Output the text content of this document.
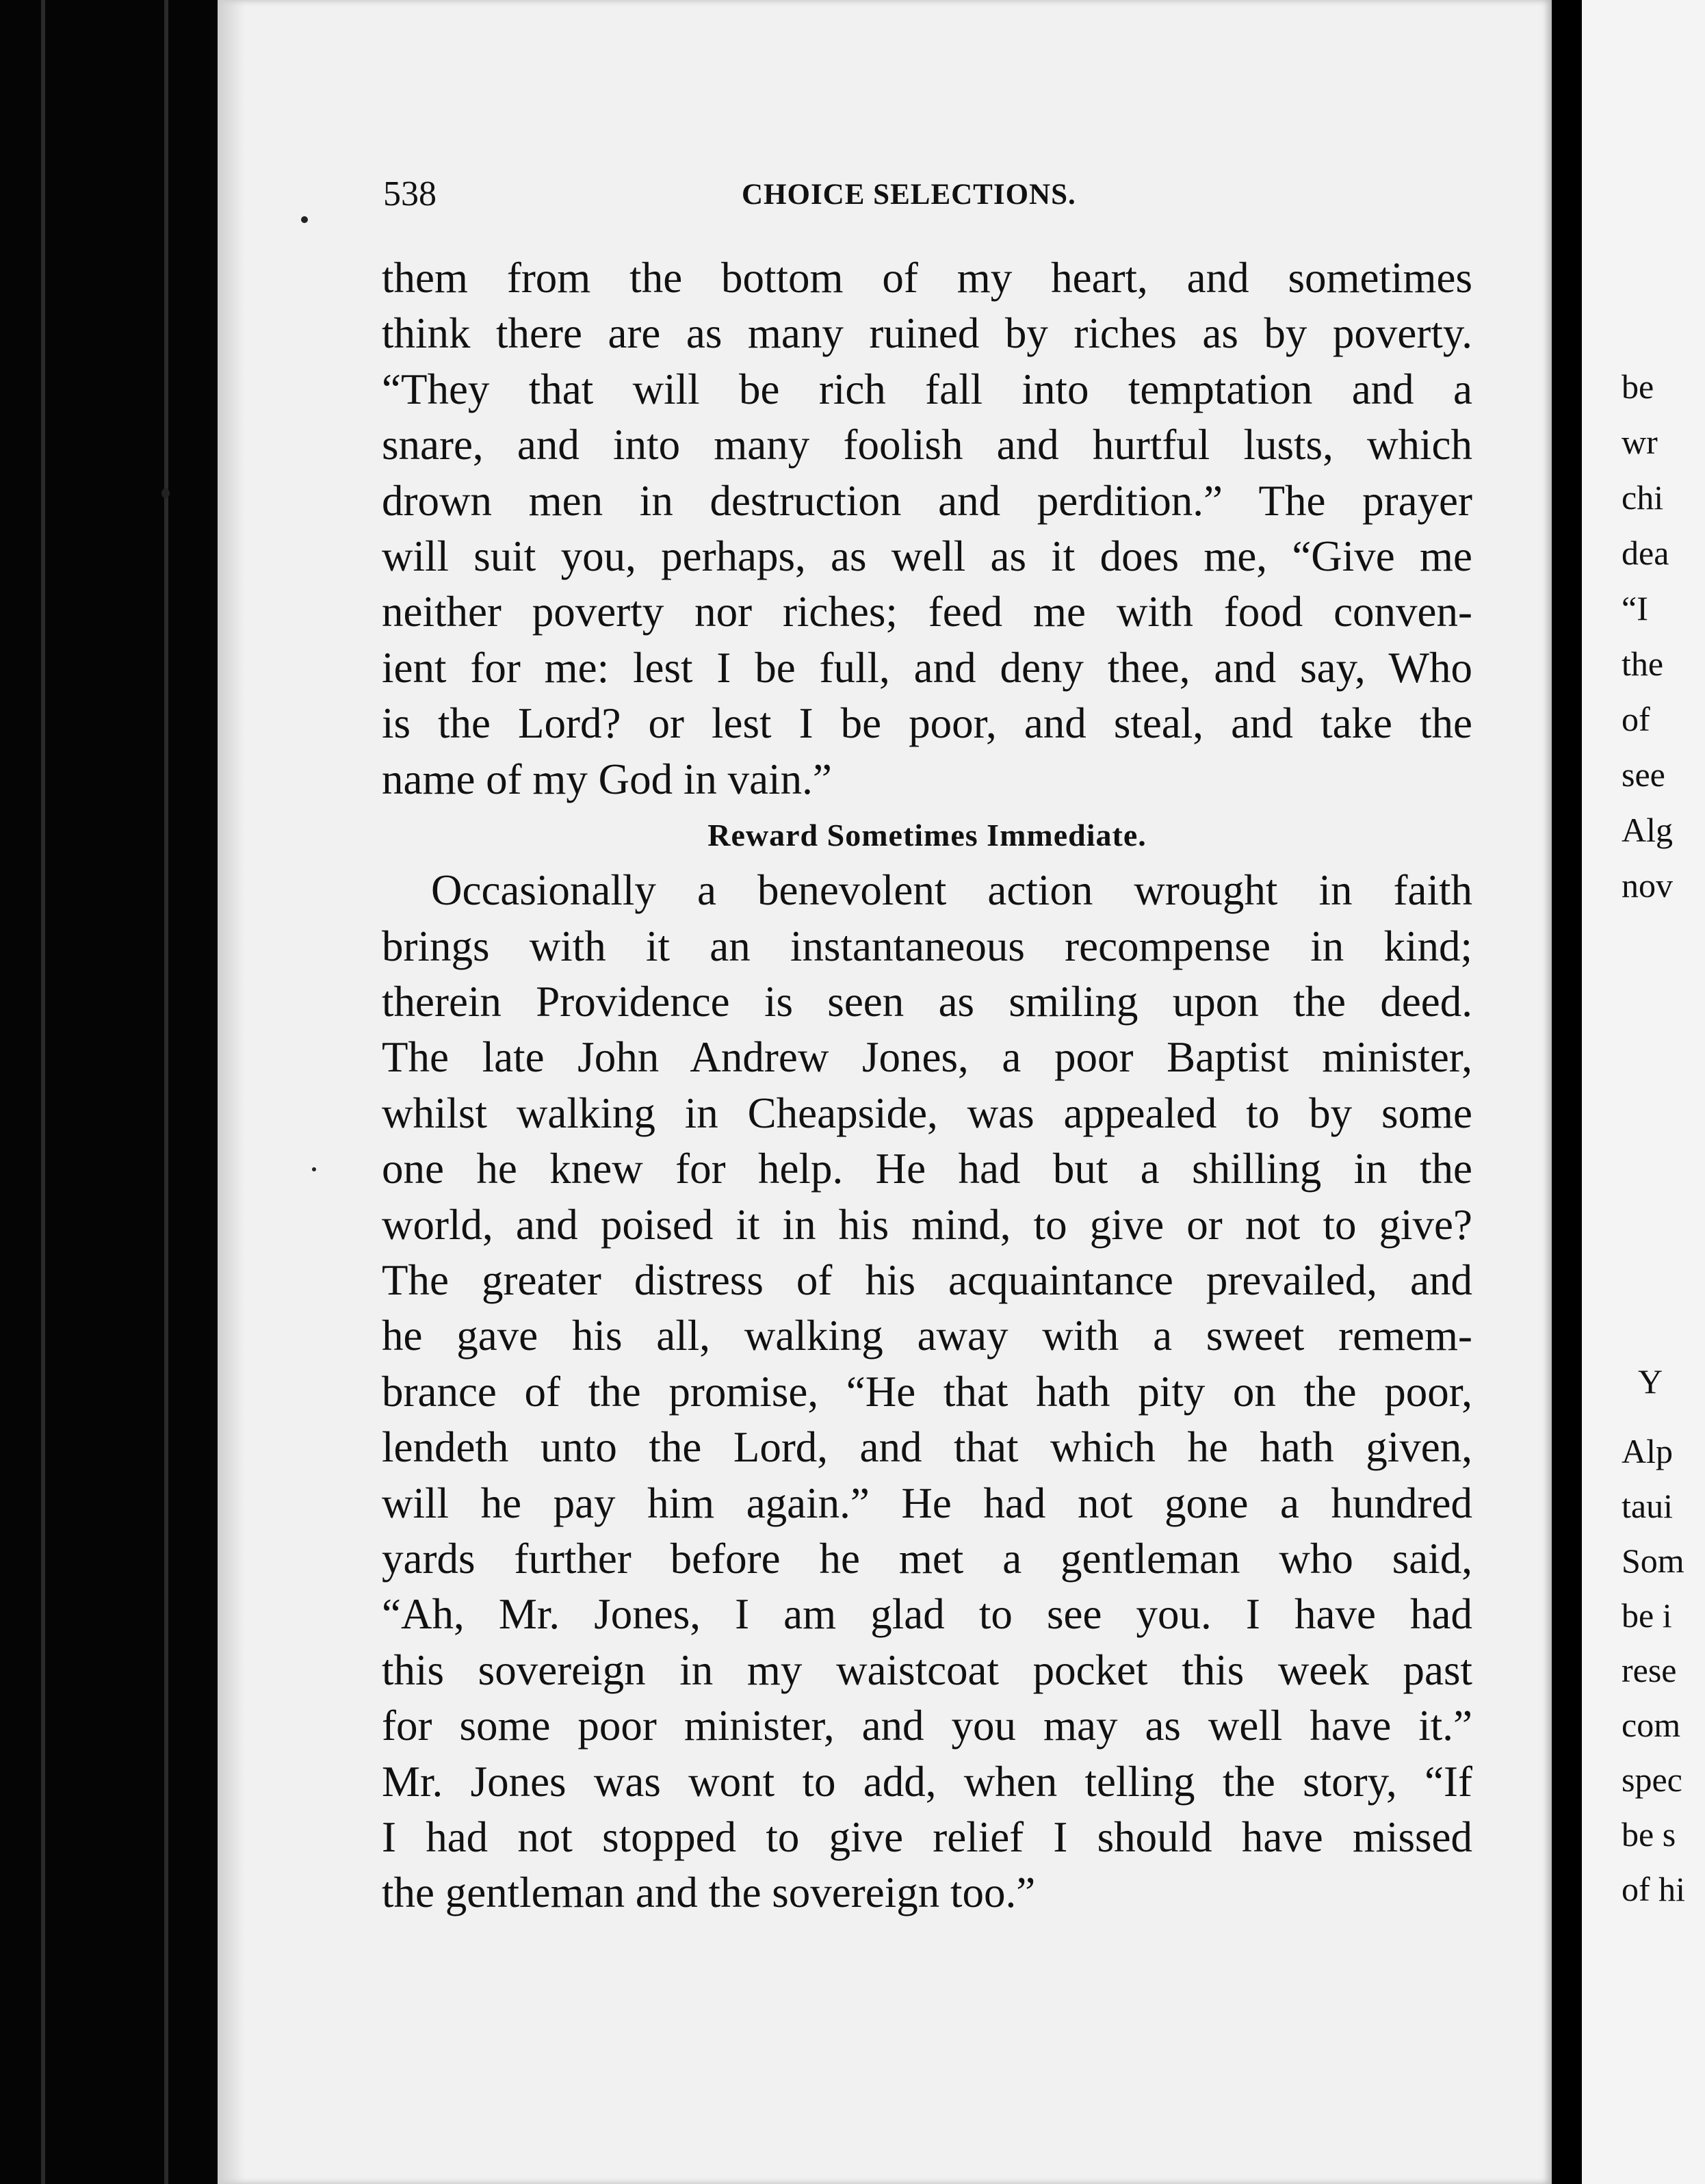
be
wr
chi
dea
“I
the
of
see
Alg
nov
Y
Alp
taui
Som
be i
rese
com
spec
be s
of hi
538	CHOICE SELECTIONS.
them from the bottom of my heart, and sometimes
think there are as many ruined by riches as by poverty.
“They that will be rich fall into temptation and a
snare, and into many foolish and hurtful lusts, which
drown men in destruction and perdition.” The prayer
will suit you, perhaps, as well as it does me, “Give me
neither poverty nor riches; feed me with food conven-
ient for me: lest I be full, and deny thee, and say, Who
is the Lord? or lest I be poor, and steal, and take the
name of my God in vain.”
Reward Sometimes Immediate.
Occasionally a benevolent action wrought in faith
brings with it an instantaneous recompense in kind;
therein Providence is seen as smiling upon the deed.
The late John Andrew Jones, a poor Baptist minister,
whilst walking in Cheapside, was appealed to by some
one he knew for help. He had but a shilling in the
world, and poised it in his mind, to give or not to give?
The greater distress of his acquaintance prevailed, and
he gave his all, walking away with a sweet remem-
brance of the promise, “He that hath pity on the poor,
lendeth unto the Lord, and that which he hath given,
will he pay him again.” He had not gone a hundred
yards further before he met a gentleman who said,
“Ah, Mr. Jones, I am glad to see you. I have had
this sovereign in my waistcoat pocket this week past
for some poor minister, and you may as well have it.”
Mr. Jones was wont to add, when telling the story, “If
I had not stopped to give relief I should have missed
the gentleman and the sovereign too.”
